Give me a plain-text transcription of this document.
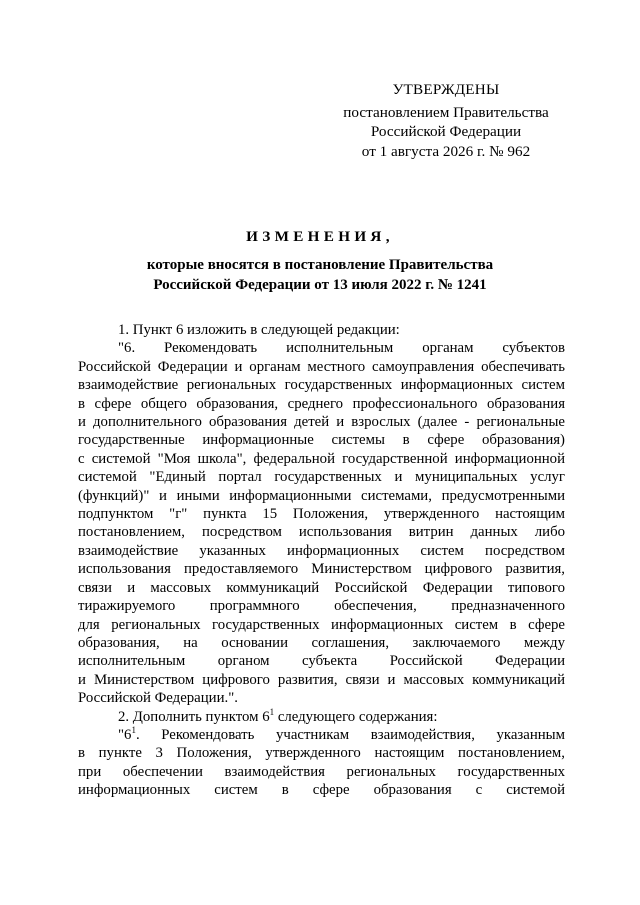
УТВЕРЖДЕНЫ
постановлением Правительства
Российской Федерации
от 1 августа 2026 г. № 962
ИЗМЕНЕНИЯ,
которые вносятся в постановление Правительства
Российской Федерации от 13 июля 2022 г. № 1241

1. Пункт 6 изложить в следующей редакции:

"6. Рекомендовать исполнительным органам субъектов

Российской Федерации и органам местного самоуправления обеспечивать

взаимодействие региональных государственных информационных систем

в сфере общего образования, среднего профессионального образования

и дополнительного образования детей и взрослых (далее - региональные

государственные информационные системы в сфере образования)

с системой "Моя школа", федеральной государственной информационной

системой "Единый портал государственных и муниципальных услуг

(функций)" и иными информационными системами, предусмотренными

подпунктом "г" пункта 15 Положения, утвержденного настоящим

постановлением, посредством использования витрин данных либо

взаимодействие указанных информационных систем посредством

использования предоставляемого Министерством цифрового развития,

связи и массовых коммуникаций Российской Федерации типового

тиражируемого программного обеспечения, предназначенного

для региональных государственных информационных систем в сфере

образования, на основании соглашения, заключаемого между

исполнительным органом субъекта Российской Федерации

и Министерством цифрового развития, связи и массовых коммуникаций

Российской Федерации.".

2. Дополнить пунктом $6^1$ следующего содержания:

"$6^1$. Рекомендовать участникам взаимодействия, указанным

в пункте 3 Положения, утвержденного настоящим постановлением,

при обеспечении взаимодействия региональных государственных

информационных систем в сфере образования с системой
